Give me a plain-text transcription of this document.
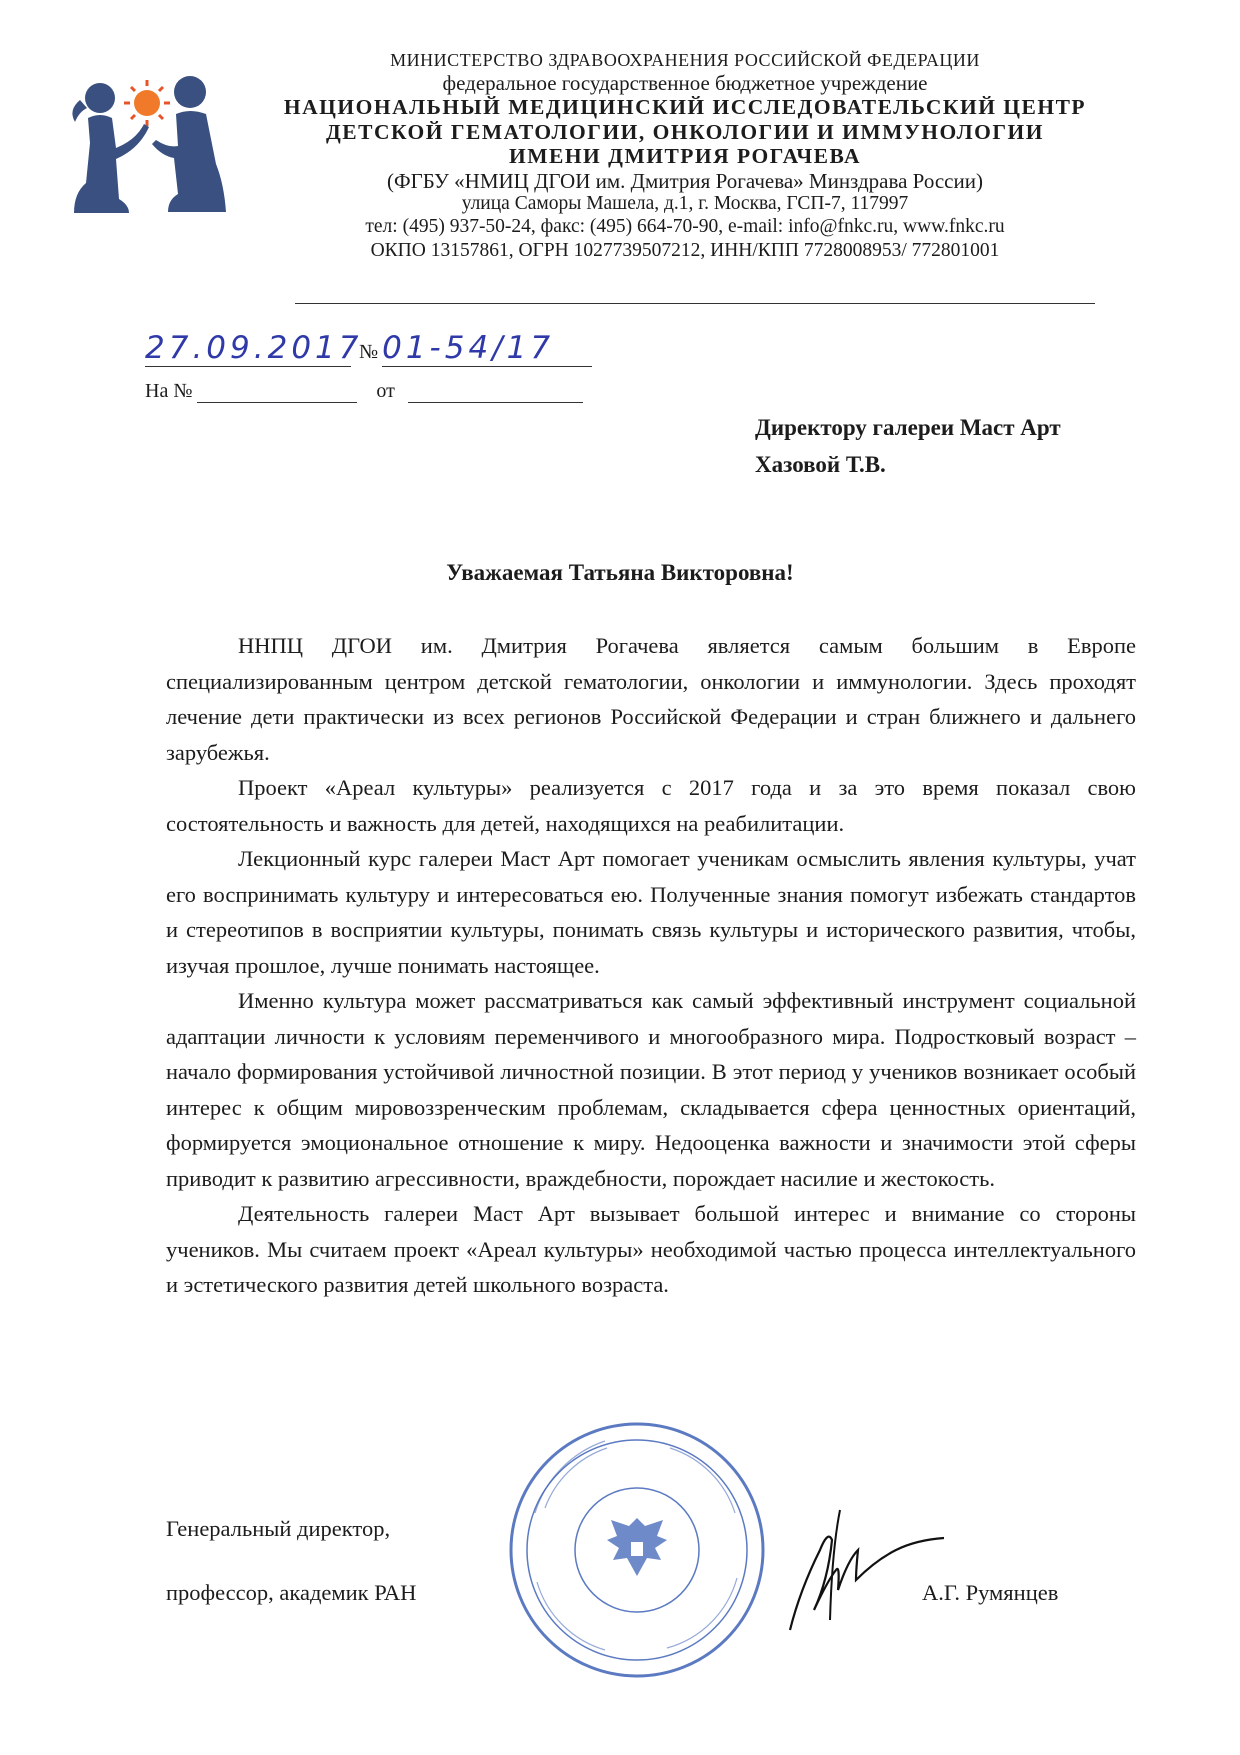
МИНИСТЕРСТВО ЗДРАВООХРАНЕНИЯ РОССИЙСКОЙ ФЕДЕРАЦИИ
федеральное государственное бюджетное учреждение
НАЦИОНАЛЬНЫЙ МЕДИЦИНСКИЙ ИССЛЕДОВАТЕЛЬСКИЙ ЦЕНТР
ДЕТСКОЙ ГЕМАТОЛОГИИ, ОНКОЛОГИИ И ИММУНОЛОГИИ
ИМЕНИ ДМИТРИЯ РОГАЧЕВА
(ФГБУ «НМИЦ ДГОИ им. Дмитрия Рогачева» Минздрава России)
улица Саморы Машела, д.1, г. Москва, ГСП-7, 117997
тел: (495) 937-50-24, факс: (495) 664-70-90, e-mail: info@fnkc.ru, www.fnkc.ru
ОКПО 13157861, ОГРН 1027739507212, ИНН/КПП 7728008953/ 772801001
27.09.2017№ 01-54/17
На №	от
Директору галереи Маст Арт
Хазовой Т.В.
Уважаемая Татьяна Викторовна!

ННПЦ ДГОИ им. Дмитрия Рогачева является самым большим в Европе специализированным центром детской гематологии, онкологии и иммунологии. Здесь проходят лечение дети практически из всех регионов Российской Федерации и стран ближнего и дальнего зарубежья.

Проект «Ареал культуры» реализуется с 2017 года и за это время показал свою состоятельность и важность для детей, находящихся на реабилитации.

Лекционный курс галереи Маст Арт помогает ученикам осмыслить явления культуры, учат его воспринимать культуру и интересоваться ею. Полученные знания помогут избежать стандартов и стереотипов в восприятии культуры, понимать связь культуры и исторического развития, чтобы, изучая прошлое, лучше понимать настоящее.

Именно культура может рассматриваться как самый эффективный инструмент социальной адаптации личности к условиям переменчивого и многообразного мира. Подростковый возраст – начало формирования устойчивой личностной позиции. В этот период у учеников возникает особый интерес к общим мировоззренческим проблемам, складывается сфера ценностных ориентаций, формируется эмоциональное отношение к миру. Недооценка важности и значимости этой сферы приводит к развитию агрессивности, враждебности, порождает насилие и жестокость.

Деятельность галереи Маст Арт вызывает большой интерес и внимание со стороны учеников. Мы считаем проект «Ареал культуры» необходимой частью процесса интеллектуального и эстетического развития детей школьного возраста.

Генеральный директор,
профессор, академик РАН	А.Г. Румянцев
